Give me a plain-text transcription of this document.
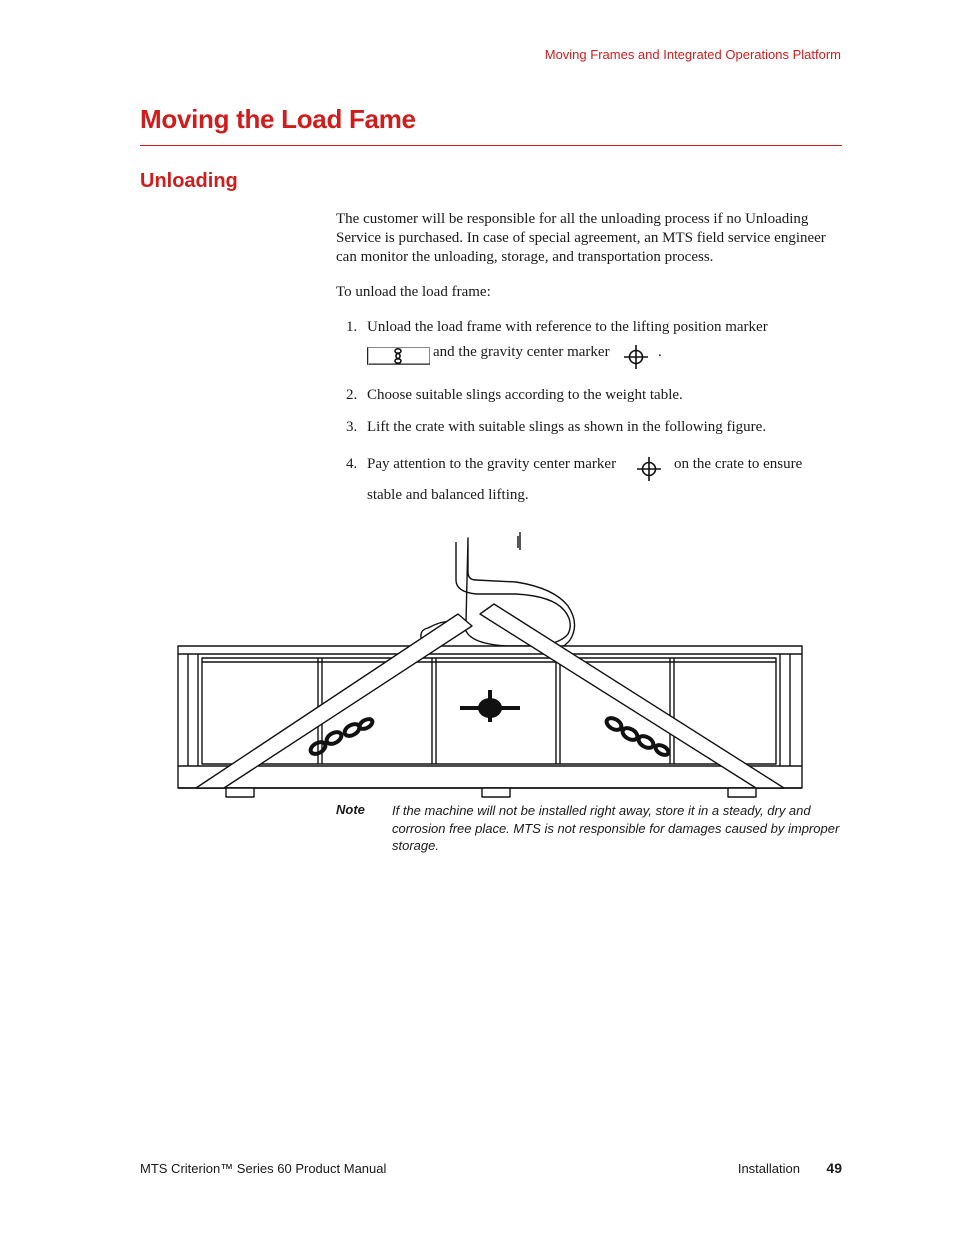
Moving Frames and Integrated Operations Platform
Moving the Load Fame
Unloading

The customer will be responsible for all the unloading process if no Unloading Service is purchased. In case of special agreement, an MTS field service engineer can monitor the unloading, storage, and transportation process.

To unload the load frame:

1. Unload the load frame with reference to the lifting position marker
and the gravity center marker	.
2. Choose suitable slings according to the weight table.
3. Lift the crate with suitable slings as shown in the following figure.
4. Pay attention to the gravity center marker	on the crate to ensure
stable and balanced lifting.
Note If the machine will not be installed right away, store it in a steady, dry and corrosion free place. MTS is not responsible for damages caused by improper storage.

MTS Criterion™ Series 60 Product Manual	Installation 49
